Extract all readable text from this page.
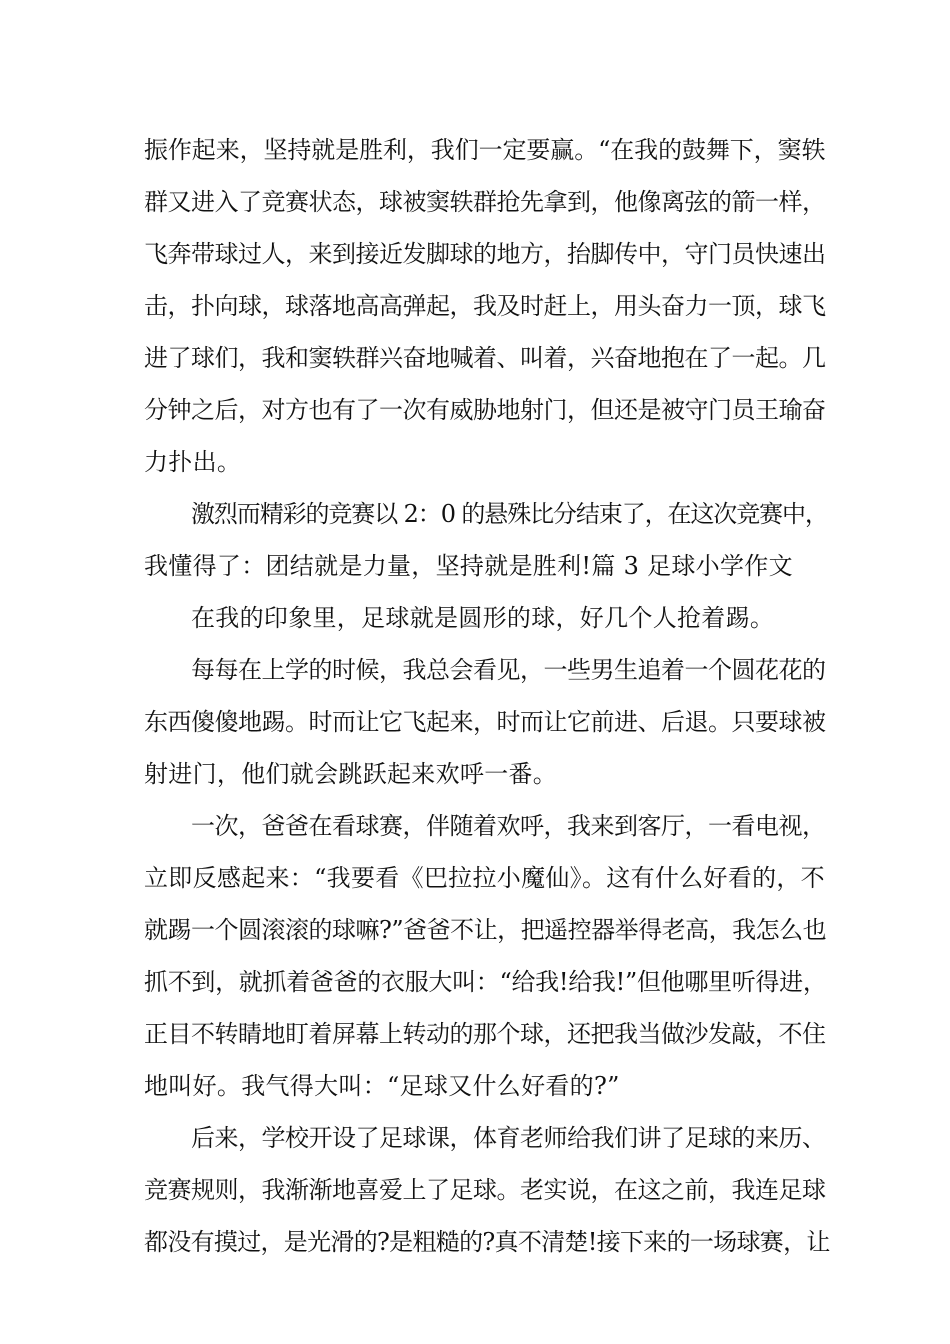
振作起来，坚持就是胜利，我们一定要赢。“在我的鼓舞下，窦轶
群又进入了竞赛状态，球被窦轶群抢先拿到，他像离弦的箭一样，
飞奔带球过人，来到接近发脚球的地方，抬脚传中，守门员快速出
击，扑向球，球落地高高弹起，我及时赶上，用头奋力一顶，球飞
进了球们，我和窦轶群兴奋地喊着、叫着，兴奋地抱在了一起。几
分钟之后，对方也有了一次有威胁地射门，但还是被守门员王瑜奋
力扑出。
激烈而精彩的竞赛以 2：0 的悬殊比分结束了，在这次竞赛中，
我懂得了：团结就是力量，坚持就是胜利!篇 3 足球小学作文
在我的印象里，足球就是圆形的球，好几个人抢着踢。
每每在上学的时候，我总会看见，一些男生追着一个圆花花的
东西傻傻地踢。时而让它飞起来，时而让它前进、后退。只要球被
射进门，他们就会跳跃起来欢呼一番。
一次，爸爸在看球赛，伴随着欢呼，我来到客厅，一看电视，
立即反感起来：“我要看《巴拉拉小魔仙》。这有什么好看的，不
就踢一个圆滚滚的球嘛?”爸爸不让，把遥控器举得老高，我怎么也
抓不到，就抓着爸爸的衣服大叫：“给我!给我!”但他哪里听得进，
正目不转睛地盯着屏幕上转动的那个球，还把我当做沙发敲，不住
地叫好。我气得大叫：“足球又什么好看的?”
后来，学校开设了足球课，体育老师给我们讲了足球的来历、
竞赛规则，我渐渐地喜爱上了足球。老实说，在这之前，我连足球
都没有摸过，是光滑的?是粗糙的?真不清楚!接下来的一场球赛，让
